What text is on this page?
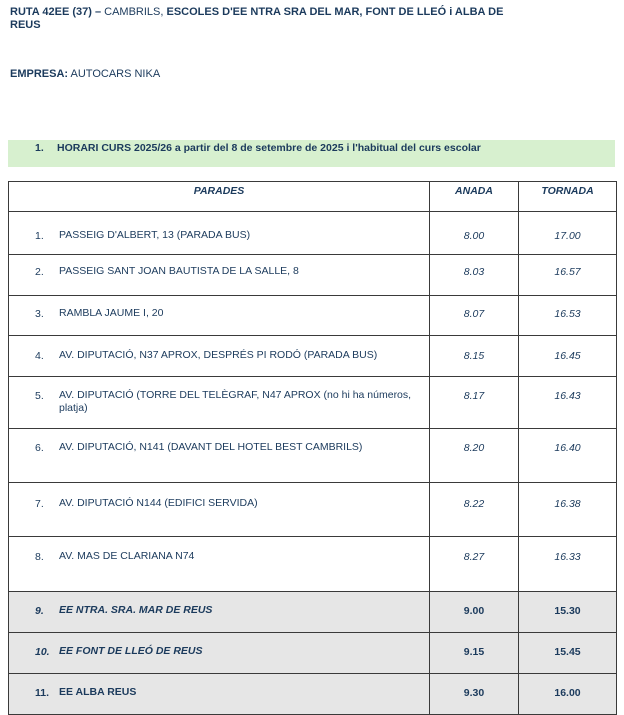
RUTA 42EE (37) – CAMBRILS, ESCOLES D'EE NTRA SRA DEL MAR, FONT DE LLEÓ i ALBA DE REUS
EMPRESA: AUTOCARS NIKA
1. HORARI CURS 2025/26 a partir del 8 de setembre de 2025 i l'habitual del curs escolar
PARADES	ANADA	TORNADA

1. PASSEIG D'ALBERT, 13 (PARADA BUS)	8.00	17.00

2. PASSEIG SANT JOAN BAUTISTA DE LA SALLE, 8	8.03	16.57

3. RAMBLA JAUME I, 20	8.07	16.53

4. AV. DIPUTACIÓ, N37 APROX, DESPRÉS PI RODÓ (PARADA BUS)	8.15	16.45

5. AV. DIPUTACIÓ (TORRE DEL TELÈGRAF, N47 APROX (no hi ha números, platja)	8.17	16.43

6. AV. DIPUTACIÓ, N141 (DAVANT DEL HOTEL BEST CAMBRILS)	8.20	16.40

7. AV. DIPUTACIÓ N144 (EDIFICI SERVIDA)	8.22	16.38

8. AV. MAS DE CLARIANA N74	8.27	16.33

9. EE NTRA. SRA. MAR DE REUS	9.00	15.30

10. EE FONT DE LLEÓ DE REUS	9.15	15.45

11. EE ALBA REUS	9.30	16.00
